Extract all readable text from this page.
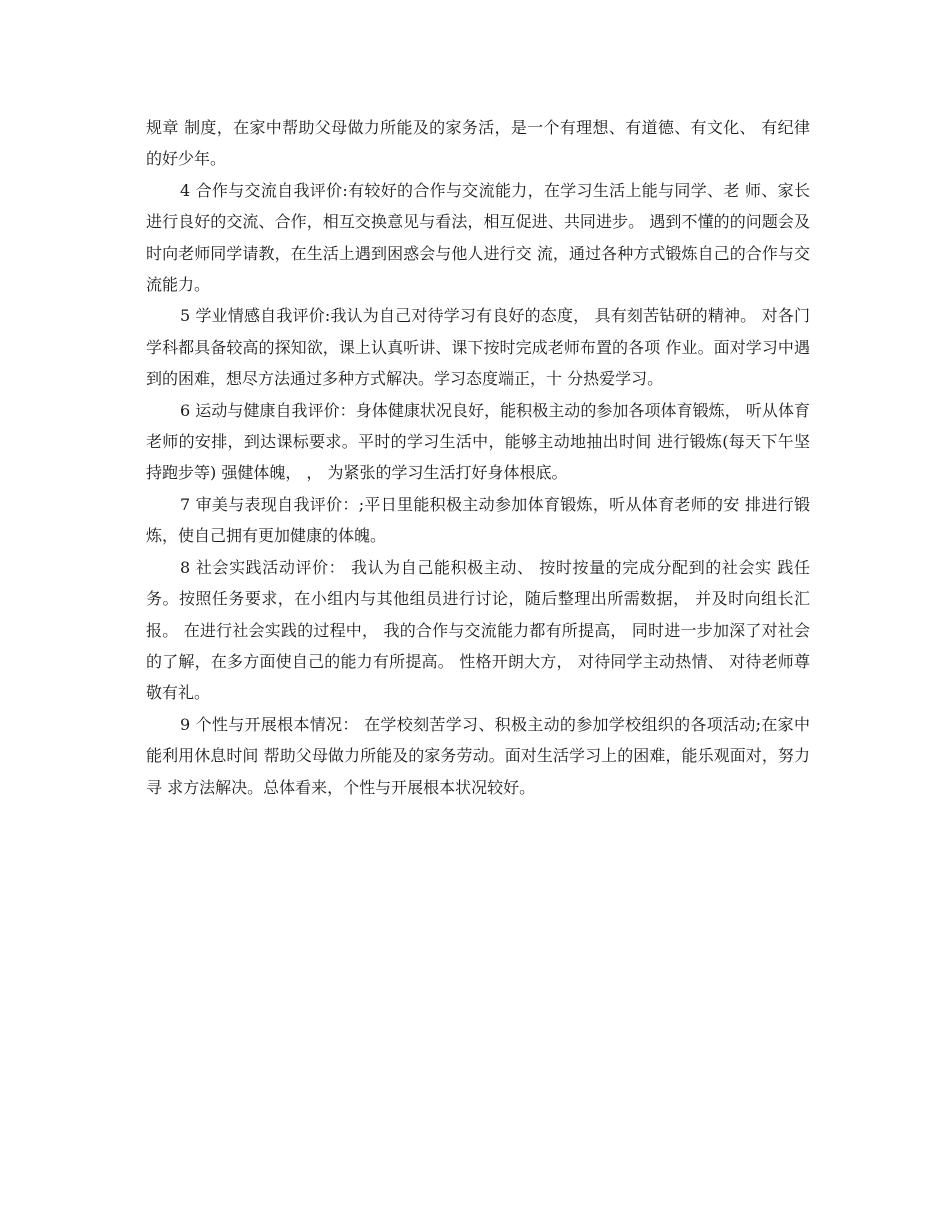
规章 制度，在家中帮助父母做力所能及的家务活，是一个有理想、有道德、有文化、 有纪律的好少年。

4 合作与交流自我评价:有较好的合作与交流能力，在学习生活上能与同学、老 师、家长进行良好的交流、合作，相互交换意见与看法，相互促进、共同进步。 遇到不懂的的问题会及时向老师同学请教，在生活上遇到困惑会与他人进行交 流，通过各种方式锻炼自己的合作与交流能力。

5 学业情感自我评价:我认为自己对待学习有良好的态度， 具有刻苦钻研的精神。 对各门学科都具备较高的探知欲，课上认真听讲、课下按时完成老师布置的各项 作业。面对学习中遇到的困难，想尽方法通过多种方式解决。学习态度端正，十 分热爱学习。

6 运动与健康自我评价：身体健康状况良好，能积极主动的参加各项体育锻炼， 听从体育老师的安排，到达课标要求。平时的学习生活中，能够主动地抽出时间 进行锻炼(每天下午坚持跑步等) 强健体魄， ， 为紧张的学习生活打好身体根底。

7 审美与表现自我评价：;平日里能积极主动参加体育锻炼，听从体育老师的安 排进行锻炼，使自己拥有更加健康的体魄。

8 社会实践活动评价： 我认为自己能积极主动、 按时按量的完成分配到的社会实 践任务。按照任务要求，在小组内与其他组员进行讨论，随后整理出所需数据， 并及时向组长汇报。 在进行社会实践的过程中， 我的合作与交流能力都有所提高， 同时进一步加深了对社会的了解，在多方面使自己的能力有所提高。 性格开朗大方， 对待同学主动热情、 对待老师尊敬有礼。

9 个性与开展根本情况： 在学校刻苦学习、积极主动的参加学校组织的各项活动;在家中能利用休息时间 帮助父母做力所能及的家务劳动。面对生活学习上的困难，能乐观面对，努力寻 求方法解决。总体看来，个性与开展根本状况较好。
